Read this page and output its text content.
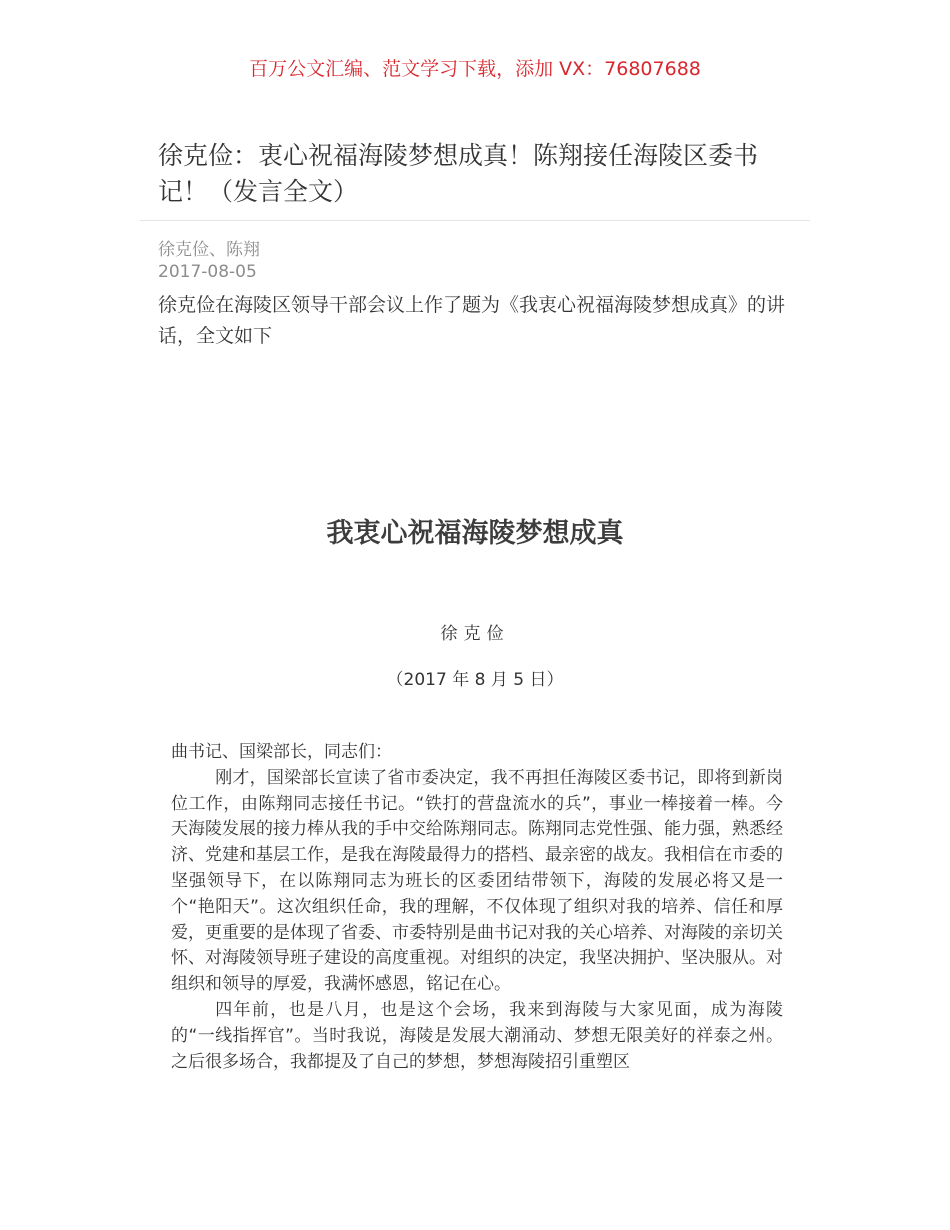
百万公文汇编、范文学习下载，添加 VX：76807688
徐克俭：衷心祝福海陵梦想成真！陈翔接任海陵区委书记！（发言全文）
徐克俭、陈翔
2017-08-05

徐克俭在海陵区领导干部会议上作了题为《我衷心祝福海陵梦想成真》的讲话，全文如下

我衷心祝福海陵梦想成真
徐克俭
（2017 年 8 月 5 日）

曲书记、国梁部长，同志们：

刚才，国梁部长宣读了省市委决定，我不再担任海陵区委书记，即将到新岗位工作，由陈翔同志接任书记。“铁打的营盘流水的兵”，事业一棒接着一棒。今天海陵发展的接力棒从我的手中交给陈翔同志。陈翔同志党性强、能力强，熟悉经济、党建和基层工作，是我在海陵最得力的搭档、最亲密的战友。我相信在市委的坚强领导下，在以陈翔同志为班长的区委团结带领下，海陵的发展必将又是一个“艳阳天”。这次组织任命，我的理解，不仅体现了组织对我的培养、信任和厚爱，更重要的是体现了省委、市委特别是曲书记对我的关心培养、对海陵的亲切关怀、对海陵领导班子建设的高度重视。对组织的决定，我坚决拥护、坚决服从。对组织和领导的厚爱，我满怀感恩，铭记在心。

四年前，也是八月，也是这个会场，我来到海陵与大家见面，成为海陵的“一线指挥官”。当时我说，海陵是发展大潮涌动、梦想无限美好的祥泰之州。之后很多场合，我都提及了自己的梦想，梦想海陵招引重塑区
